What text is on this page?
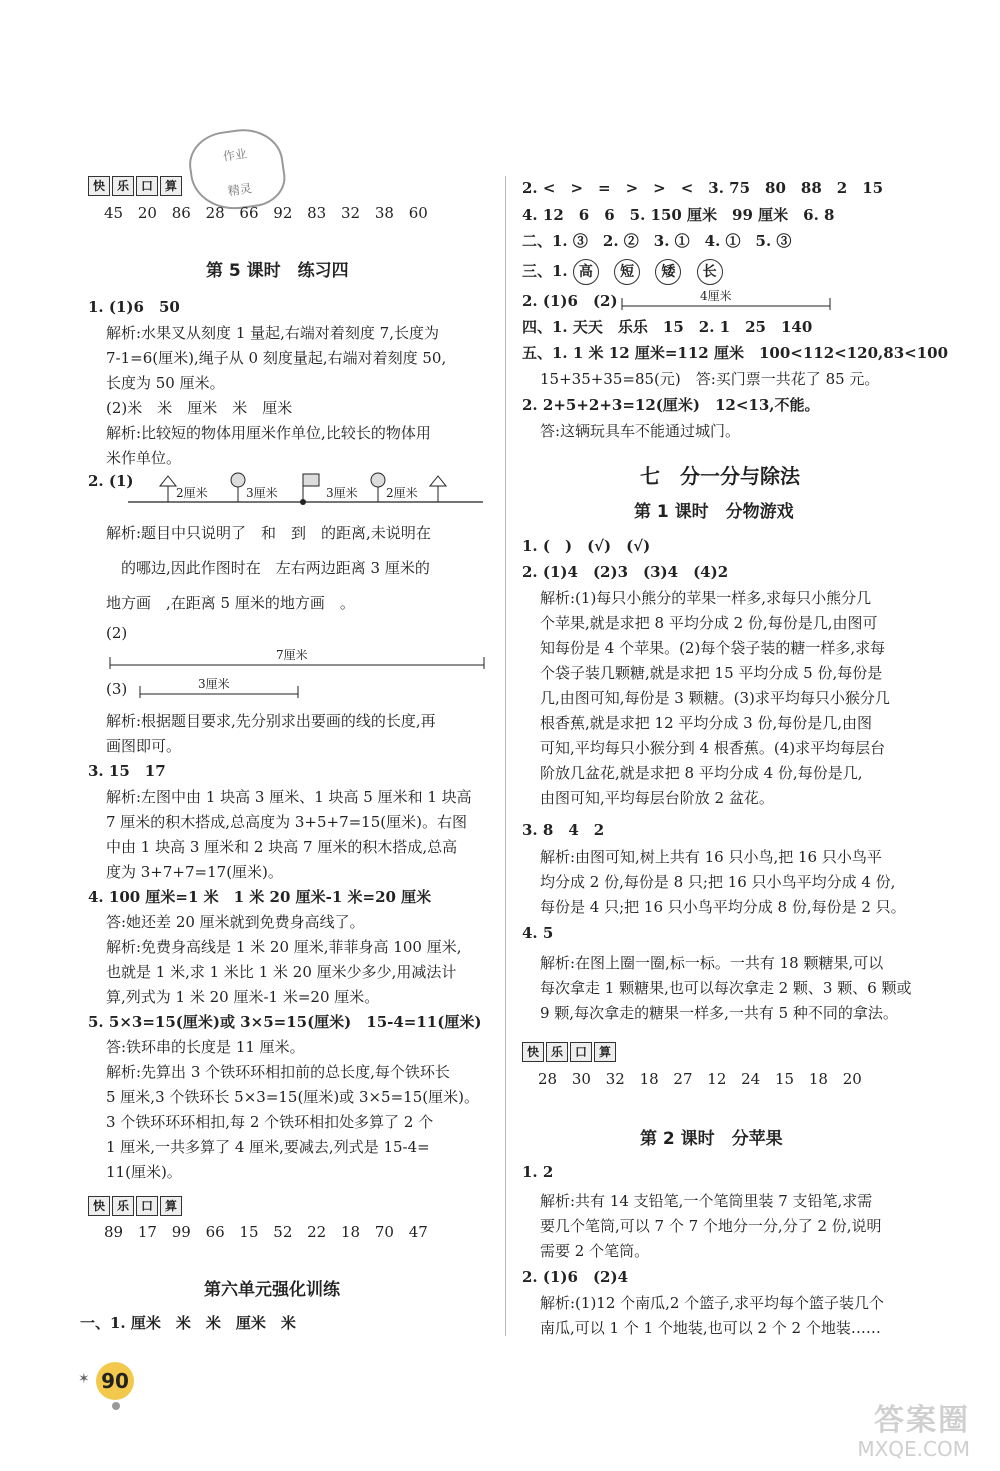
作业
精灵
快 乐 口 算
45 20 86 28 66 92 83 32 38 60
第 5 课时　练习四
1. (1)6　50
解析:水果叉从刻度 1 量起,右端对着刻度 7,长度为
7-1=6(厘米),绳子从 0 刻度量起,右端对着刻度 50,
长度为 50 厘米。
(2)米　米　厘米　米　厘米
解析:比较短的物体用厘米作单位,比较长的物体用
米作单位。
2. (1)
2厘米	3厘米	3厘米 2厘米
解析:题目中只说明了　和　到　的距离,未说明在
　的哪边,因此作图时在　左右两边距离 3 厘米的
地方画　,在距离 5 厘米的地方画　。
(2)
7厘米
(3)	3厘米
解析:根据题目要求,先分别求出要画的线的长度,再
画图即可。
3. 15　17
解析:左图中由 1 块高 3 厘米、1 块高 5 厘米和 1 块高
7 厘米的积木搭成,总高度为 3+5+7=15(厘米)。右图
中由 1 块高 3 厘米和 2 块高 7 厘米的积木搭成,总高
度为 3+7+7=17(厘米)。
4. 100 厘米=1 米　1 米 20 厘米-1 米=20 厘米
答:她还差 20 厘米就到免费身高线了。
解析:免费身高线是 1 米 20 厘米,菲菲身高 100 厘米,
也就是 1 米,求 1 米比 1 米 20 厘米少多少,用减法计
算,列式为 1 米 20 厘米-1 米=20 厘米。
5. 5×3=15(厘米)或 3×5=15(厘米)　15-4=11(厘米)
答:铁环串的长度是 11 厘米。
解析:先算出 3 个铁环环相扣前的总长度,每个铁环长
5 厘米,3 个铁环长 5×3=15(厘米)或 3×5=15(厘米)。
3 个铁环环环相扣,每 2 个铁环相扣处多算了 2 个
1 厘米,一共多算了 4 厘米,要减去,列式是 15-4=
11(厘米)。
快 乐 口 算
89 17 99 66 15 52 22 18 70 47
第六单元强化训练
一、1. 厘米　米　米　厘米　米
2. <　>　=　>　>　<　3. 75　80　88　2　15
4. 12　6　6　5. 150 厘米　99 厘米　6. 8
二、1. ③　2. ②　3. ①　4. ①　5. ③
三、1. 高 短 矮 长
2. (1)6　(2)	4厘米
四、1. 天天　乐乐　15　2. 1　25　140
五、1. 1 米 12 厘米=112 厘米　100<112<120,83<100
15+35+35=85(元)　答:买门票一共花了 85 元。
2. 2+5+2+3=12(厘米)　12<13,不能。
答:这辆玩具车不能通过城门。
七　分一分与除法
第 1 课时　分物游戏
1. (　)　(√)　(√)
2. (1)4　(2)3　(3)4　(4)2
解析:(1)每只小熊分的苹果一样多,求每只小熊分几
个苹果,就是求把 8 平均分成 2 份,每份是几,由图可
知每份是 4 个苹果。(2)每个袋子装的糖一样多,求每
个袋子装几颗糖,就是求把 15 平均分成 5 份,每份是
几,由图可知,每份是 3 颗糖。(3)求平均每只小猴分几
根香蕉,就是求把 12 平均分成 3 份,每份是几,由图
可知,平均每只小猴分到 4 根香蕉。(4)求平均每层台
阶放几盆花,就是求把 8 平均分成 4 份,每份是几,
由图可知,平均每层台阶放 2 盆花。
3. 8　4　2
解析:由图可知,树上共有 16 只小鸟,把 16 只小鸟平
均分成 2 份,每份是 8 只;把 16 只小鸟平均分成 4 份,
每份是 4 只;把 16 只小鸟平均分成 8 份,每份是 2 只。
4. 5
解析:在图上圈一圈,标一标。一共有 18 颗糖果,可以
每次拿走 1 颗糖果,也可以每次拿走 2 颗、3 颗、6 颗或
9 颗,每次拿走的糖果一样多,一共有 5 种不同的拿法。
快 乐 口 算
28 30 32 18 27 12 24 15 18 20
第 2 课时　分苹果
1. 2
解析:共有 14 支铅笔,一个笔筒里装 7 支铅笔,求需
要几个笔筒,可以 7 个 7 个地分一分,分了 2 份,说明
需要 2 个笔筒。
2. (1)6　(2)4
解析:(1)12 个南瓜,2 个篮子,求平均每个篮子装几个
南瓜,可以 1 个 1 个地装,也可以 2 个 2 个地装……
✶ 90
答案圈
MXQE.COM
